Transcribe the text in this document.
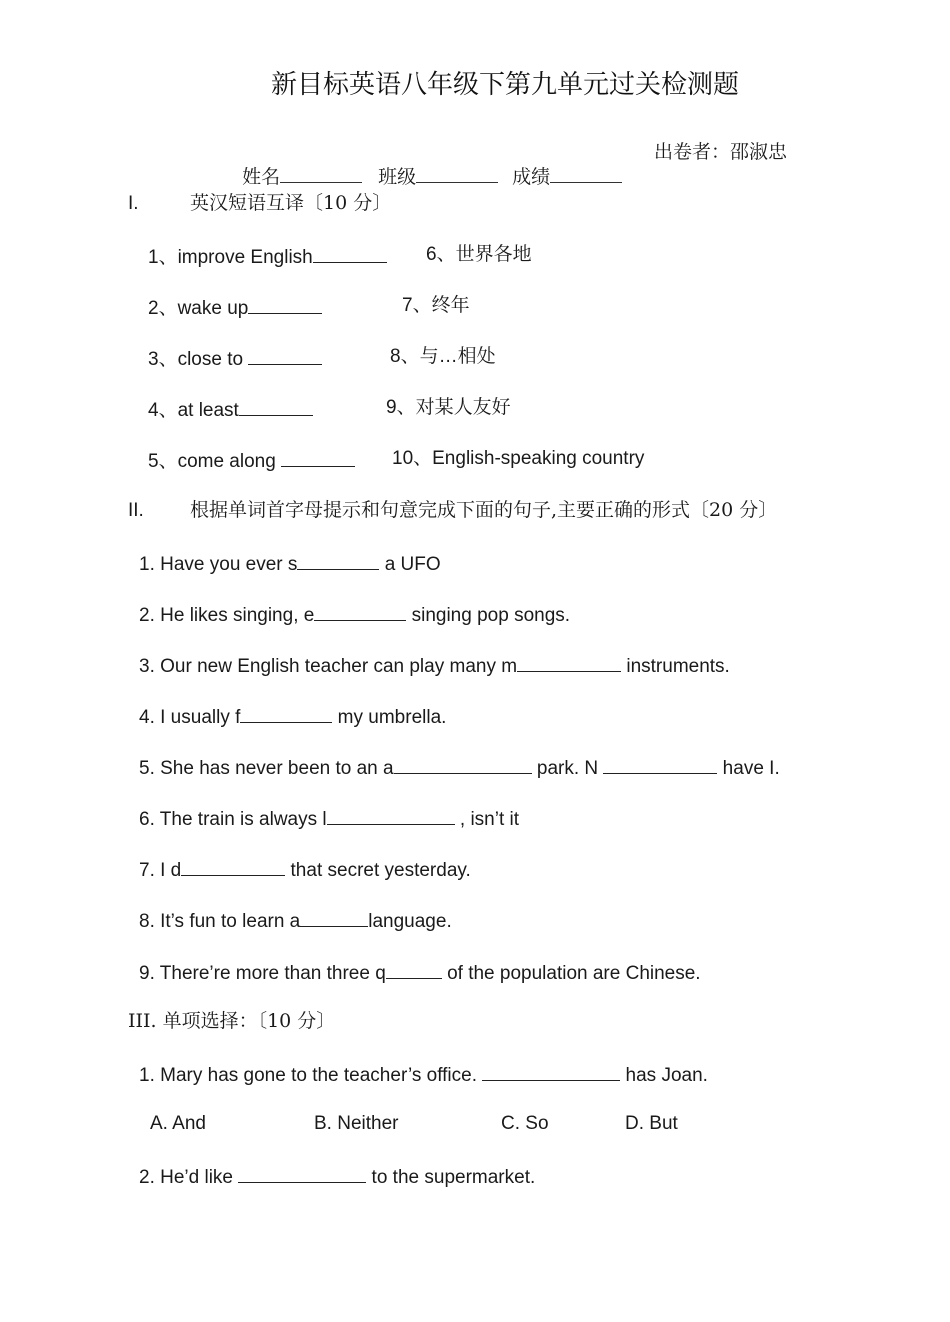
新目标英语八年级下第九单元过关检测题

姓名
	班级
	成绩

出卷者：邵淑忠
I.	英汉短语互译〔10 分〕
1、improve English	6、世界各地
2、wake up	7、终年
3、close to	8、与…相处
4、at least	9、对某人友好
5、come along	10、English-speaking country
II. 根据单词首字母提示和句意完成下面的句子,主要正确的形式〔20 分〕
1. Have you ever s	a UFO
2. He likes singing, e	singing pop songs.
3. Our new English teacher can play many m	instruments.
4. I usually f	my umbrella.
5. She has never been to an a	park. N	have I.
6. The train is always l	, isn’t it
7. I d	that secret yesterday.
8. It’s fun to learn a	language.
9. There’re more than three q	of the population are Chinese.
III. 单项选择：〔10 分〕
1. Mary has gone to the teacher’s office.	has Joan.
A. And	B. Neither	C. So	D. But
2. He’d like	to the supermarket.
